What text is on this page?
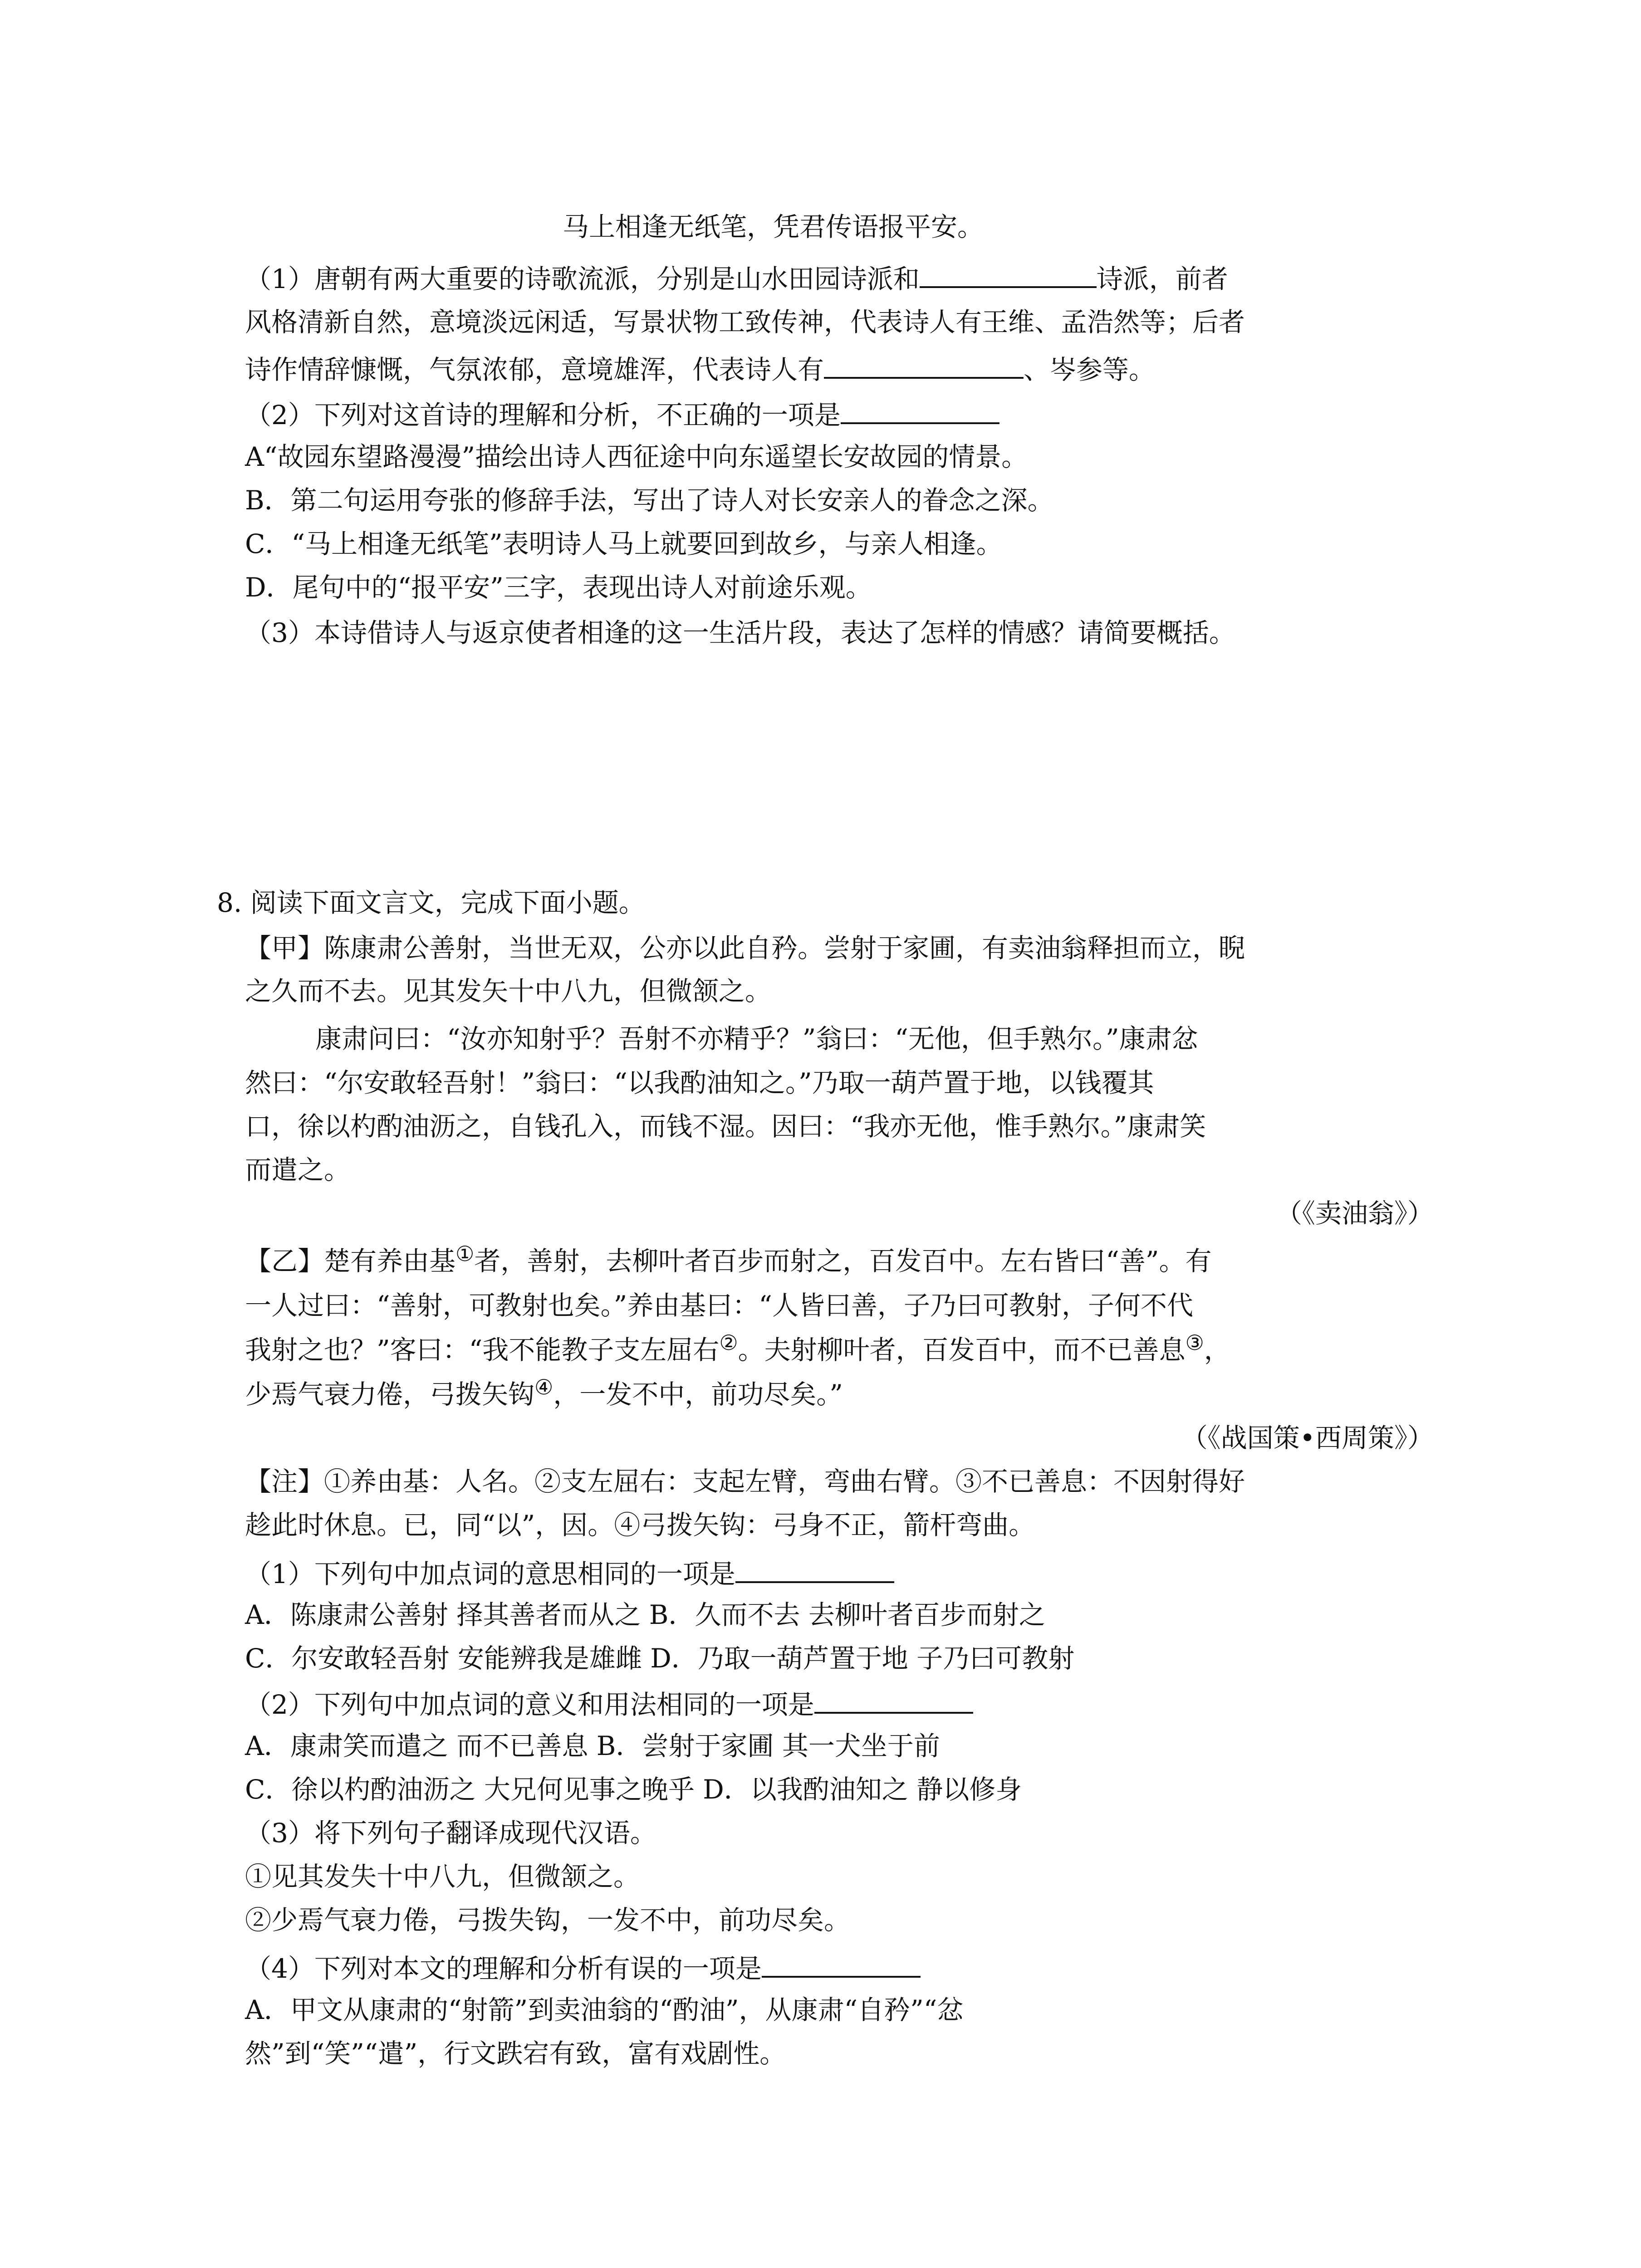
马上相逢无纸笔，凭君传语报平安。
（1）唐朝有两大重要的诗歌流派，分别是山水田园诗派和	诗派，前者
风格清新自然，意境淡远闲适，写景状物工致传神，代表诗人有王维、孟浩然等；后者
诗作情辞慷慨，气氛浓郁，意境雄浑，代表诗人有	、岑参等。
（2）下列对这首诗的理解和分析，不正确的一项是
A“故园东望路漫漫”描绘出诗人西征途中向东遥望长安故园的情景。
B．第二句运用夸张的修辞手法，写出了诗人对长安亲人的眷念之深。
C．“马上相逢无纸笔”表明诗人马上就要回到故乡，与亲人相逢。
D．尾句中的“报平安”三字，表现出诗人对前途乐观。
（3）本诗借诗人与返京使者相逢的这一生活片段，表达了怎样的情感？请简要概括。
8. 阅读下面文言文，完成下面小题。
【甲】陈康肃公善射，当世无双，公亦以此自矜。尝射于家圃，有卖油翁释担而立，睨
之久而不去。见其发矢十中八九，但微颔之。
康肃问曰：“汝亦知射乎？吾射不亦精乎？”翁曰：“无他，但手熟尔。”康肃忿
然曰：“尔安敢轻吾射！”翁曰：“以我酌油知之。”乃取一葫芦置于地，以钱覆其
口，徐以杓酌油沥之，自钱孔入，而钱不湿。因曰：“我亦无他，惟手熟尔。”康肃笑
而遣之。
（《卖油翁》）
【乙】楚有养由基①者，善射，去柳叶者百步而射之，百发百中。左右皆曰“善”。有
一人过曰：“善射，可教射也矣。”养由基曰：“人皆曰善，子乃曰可教射，子何不代
我射之也？”客曰：“我不能教子支左屈右②。夫射柳叶者，百发百中，而不已善息③，
少焉气衰力倦，弓拨矢钩④，一发不中，前功尽矣。”
（《战国策•西周策》）
【注】①养由基：人名。②支左屈右：支起左臂，弯曲右臂。③不已善息：不因射得好
趁此时休息。已，同“以”，因。④弓拨矢钩：弓身不正，箭杆弯曲。
（1）下列句中加点词的意思相同的一项是
A．陈康肃公善射 择其善者而从之 B．久而不去 去柳叶者百步而射之
C．尔安敢轻吾射 安能辨我是雄雌 D．乃取一葫芦置于地 子乃曰可教射
（2）下列句中加点词的意义和用法相同的一项是
A．康肃笑而遣之 而不已善息 B．尝射于家圃 其一犬坐于前
C．徐以杓酌油沥之 大兄何见事之晚乎 D．以我酌油知之 静以修身
（3）将下列句子翻译成现代汉语。
①见其发失十中八九，但微颔之。
②少焉气衰力倦，弓拨失钩，一发不中，前功尽矣。
（4）下列对本文的理解和分析有误的一项是
A．甲文从康肃的“射箭”到卖油翁的“酌油”，从康肃“自矜”“忿
然”到“笑”“遣”，行文跌宕有致，富有戏剧性。
